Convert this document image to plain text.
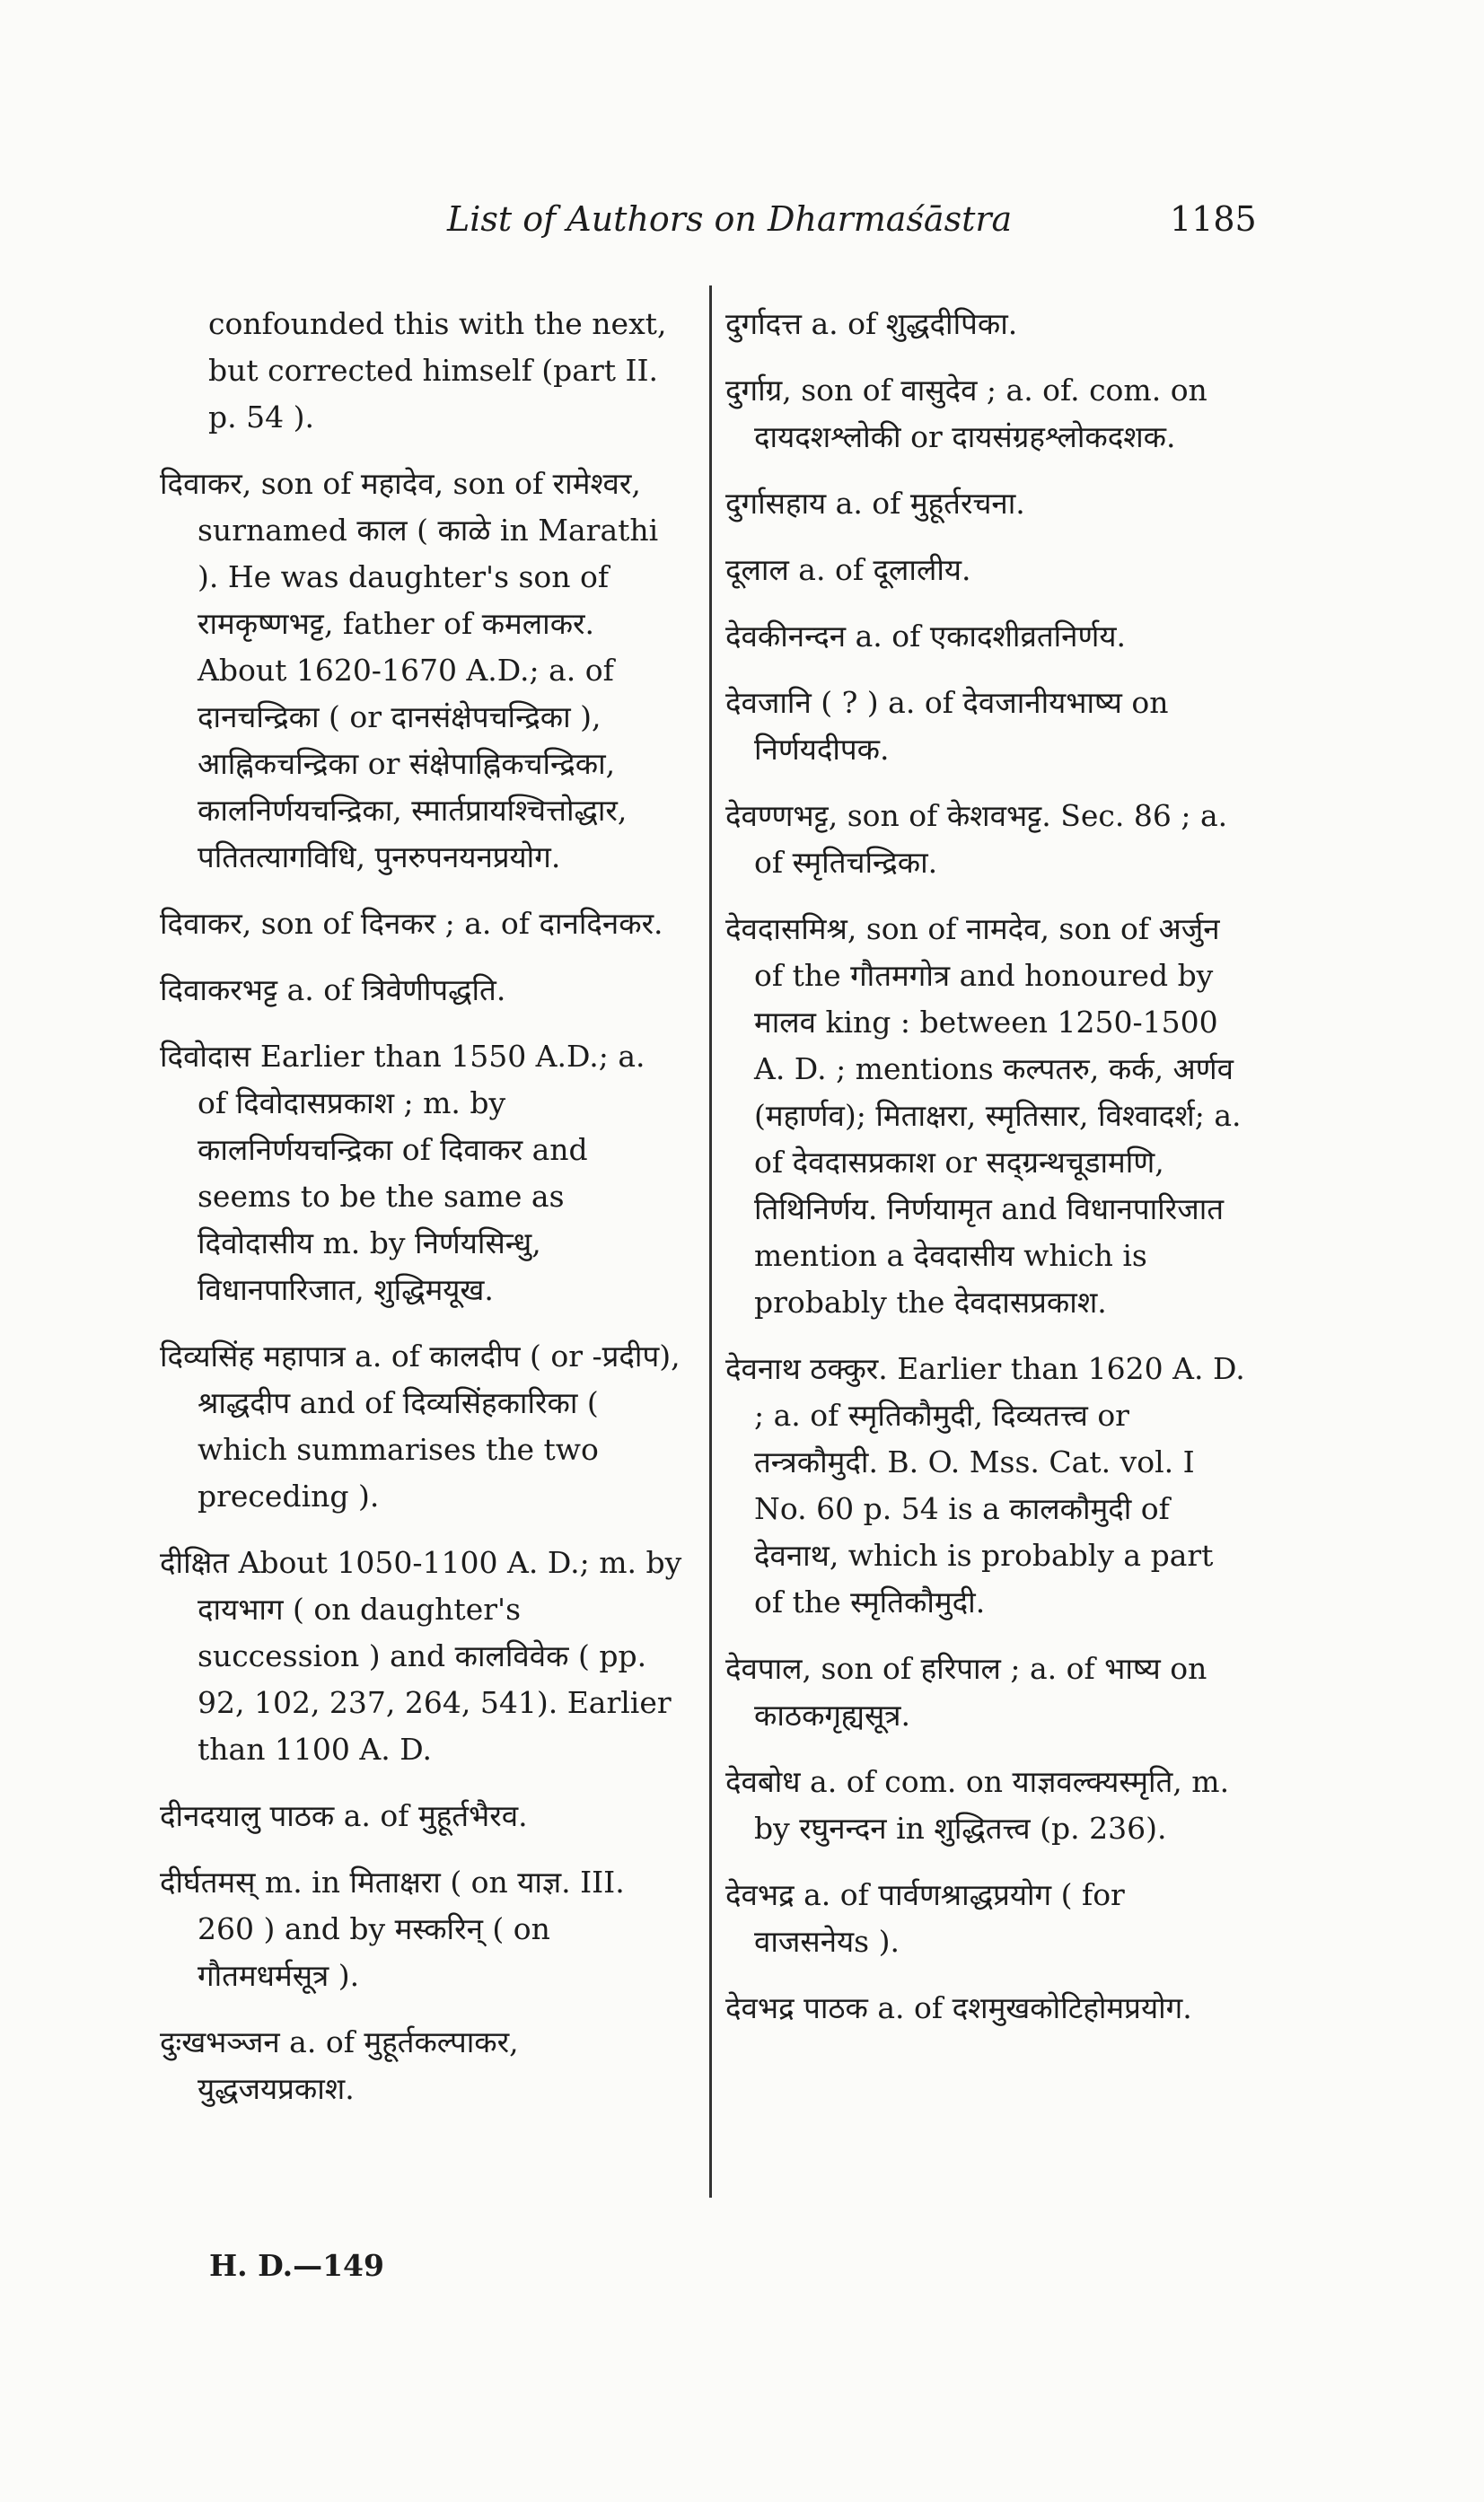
List of Authors on Dharmaśāstra	1185

confounded this with the next, but corrected himself (part II. p. 54 ).

दिवाकर, son of महादेव, son of रामेश्वर, surnamed काल ( काळे in Marathi ). He was daughter's son of रामकृष्णभट्ट, father of कमलाकर. About 1620-1670 A.D.; a. of दानचन्द्रिका ( or दानसंक्षेपचन्द्रिका ), आह्निकचन्द्रिका or संक्षेपाह्निकचन्द्रिका, कालनिर्णयचन्द्रिका, स्मार्तप्रायश्चित्तोद्धार, पतितत्यागविधि, पुनरुपनयनप्रयोग.

दिवाकर, son of दिनकर ; a. of दानदिनकर.

दिवाकरभट्ट a. of त्रिवेणीपद्धति.

दिवोदास Earlier than 1550 A.D.; a. of दिवोदासप्रकाश ; m. by कालनिर्णयचन्द्रिका of दिवाकर and seems to be the same as दिवोदासीय m. by निर्णयसिन्धु, विधानपारिजात, शुद्धिमयूख.

दिव्यसिंह महापात्र a. of कालदीप ( or -प्रदीप), श्राद्धदीप and of दिव्यसिंहकारिका ( which summarises the two preceding ).

दीक्षित About 1050-1100 A. D.; m. by दायभाग ( on daughter's succession ) and कालविवेक ( pp. 92, 102, 237, 264, 541). Earlier than 1100 A. D.

दीनदयालु पाठक a. of मुहूर्तभैरव.

दीर्घतमस् m. in मिताक्षरा ( on याज्ञ. III. 260 ) and by मस्करिन् ( on गौतमधर्मसूत्र ).

दुःखभञ्जन a. of मुहूर्तकल्पाकर, युद्धजयप्रकाश.

दुर्गादत्त a. of शुद्धदीपिका.

दुर्गाग्र, son of वासुदेव ; a. of. com. on दायदशश्लोकी or दायसंग्रहश्लोकदशक.

दुर्गासहाय a. of मुहूर्तरचना.

दूलाल a. of दूलालीय.

देवकीनन्दन a. of एकादशीव्रतनिर्णय.

देवजानि ( ? ) a. of देवजानीयभाष्य on निर्णयदीपक.

देवण्णभट्ट, son of केशवभट्ट. Sec. 86 ; a. of स्मृतिचन्द्रिका.

देवदासमिश्र, son of नामदेव, son of अर्जुन of the गौतमगोत्र and honoured by मालव king : between 1250-1500 A. D. ; mentions कल्पतरु, कर्क, अर्णव (महार्णव); मिताक्षरा, स्मृतिसार, विश्वादर्श; a. of देवदासप्रकाश or सद्ग्रन्थचूडामणि, तिथिनिर्णय. निर्णयामृत and विधानपारिजात mention a देवदासीय which is probably the देवदासप्रकाश.

देवनाथ ठक्कुर. Earlier than 1620 A. D. ; a. of स्मृतिकौमुदी, दिव्यतत्त्व or तन्त्रकौमुदी. B. O. Mss. Cat. vol. I No. 60 p. 54 is a कालकौमुदी of देवनाथ, which is probably a part of the स्मृतिकौमुदी.

देवपाल, son of हरिपाल ; a. of भाष्य on काठकगृह्यसूत्र.

देवबोध a. of com. on याज्ञवल्क्यस्मृति, m. by रघुनन्दन in शुद्धितत्त्व (p. 236).

देवभद्र a. of पार्वणश्राद्धप्रयोग ( for वाजसनेयs ).

देवभद्र पाठक a. of दशमुखकोटिहोमप्रयोग.

H. D.—149
